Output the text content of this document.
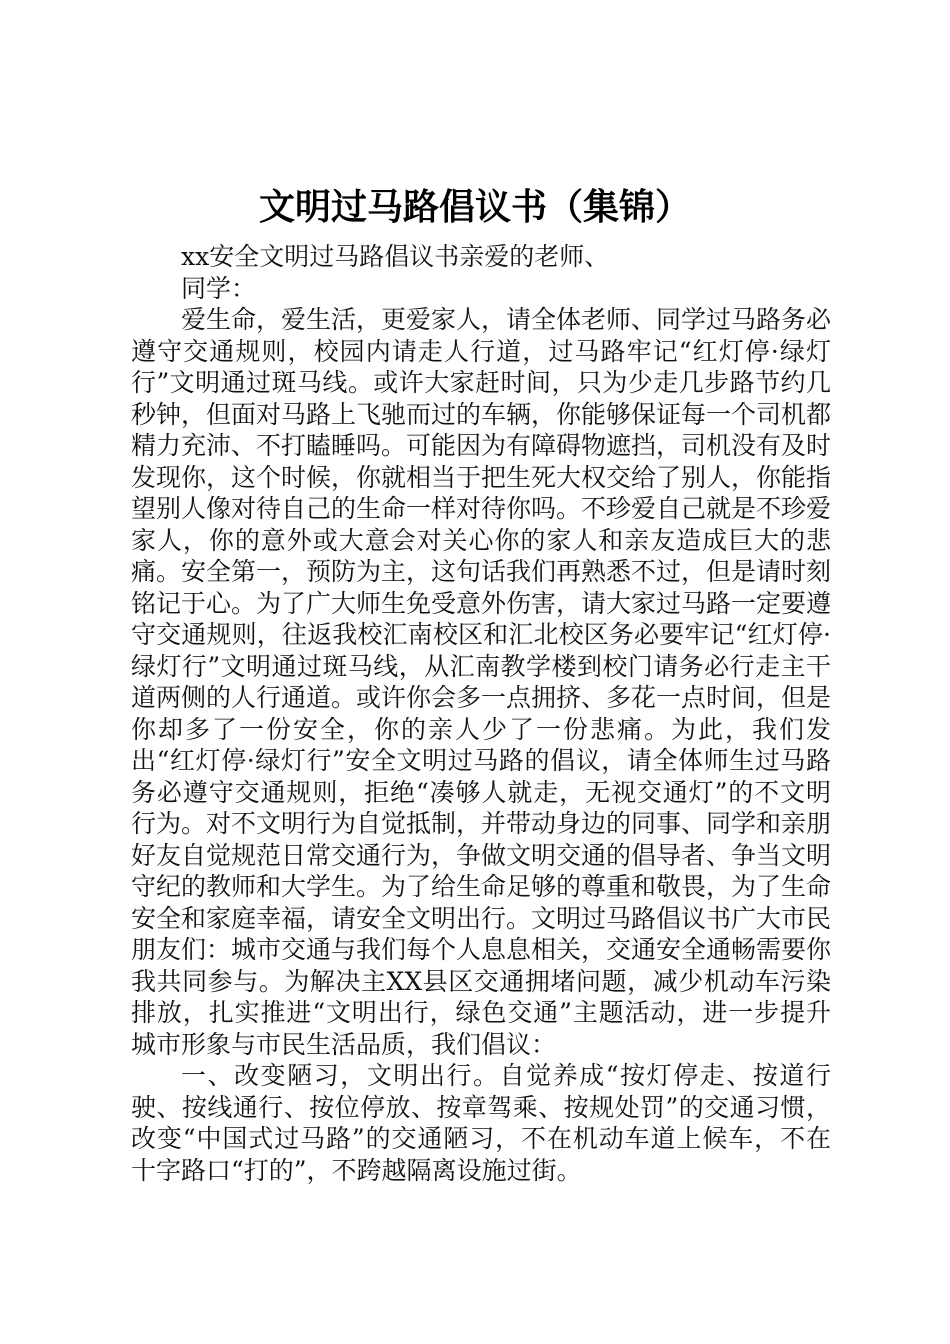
文明过马路倡议书（集锦）

xx安全文明过马路倡议书亲爱的老师、

同学：

爱生命，爱生活，更爱家人，请全体老师、同学过马路务必遵守交通规则，校园内请走人行道，过马路牢记“红灯停·绿灯行”文明通过斑马线。或许大家赶时间，只为少走几步路节约几秒钟，但面对马路上飞驰而过的车辆，你能够保证每一个司机都精力充沛、不打瞌睡吗。可能因为有障碍物遮挡，司机没有及时发现你，这个时候，你就相当于把生死大权交给了别人，你能指望别人像对待自己的生命一样对待你吗。不珍爱自己就是不珍爱家人，你的意外或大意会对关心你的家人和亲友造成巨大的悲痛。安全第一，预防为主，这句话我们再熟悉不过，但是请时刻铭记于心。为了广大师生免受意外伤害，请大家过马路一定要遵守交通规则，往返我校汇南校区和汇北校区务必要牢记“红灯停·绿灯行”文明通过斑马线，从汇南教学楼到校门请务必行走主干道两侧的人行通道。或许你会多一点拥挤、多花一点时间，但是你却多了一份安全，你的亲人少了一份悲痛。为此，我们发出“红灯停·绿灯行”安全文明过马路的倡议，请全体师生过马路务必遵守交通规则，拒绝“凑够人就走，无视交通灯”的不文明行为。对不文明行为自觉抵制，并带动身边的同事、同学和亲朋好友自觉规范日常交通行为，争做文明交通的倡导者、争当文明守纪的教师和大学生。为了给生命足够的尊重和敬畏，为了生命安全和家庭幸福，请安全文明出行。文明过马路倡议书广大市民朋友们：城市交通与我们每个人息息相关，交通安全通畅需要你我共同参与。为解决主XX县区交通拥堵问题，减少机动车污染排放，扎实推进“文明出行，绿色交通”主题活动，进一步提升城市形象与市民生活品质，我们倡议：

一、改变陋习，文明出行。自觉养成“按灯停走、按道行驶、按线通行、按位停放、按章驾乘、按规处罚”的交通习惯，改变“中国式过马路”的交通陋习，不在机动车道上候车，不在十字路口“打的”，不跨越隔离设施过街。
